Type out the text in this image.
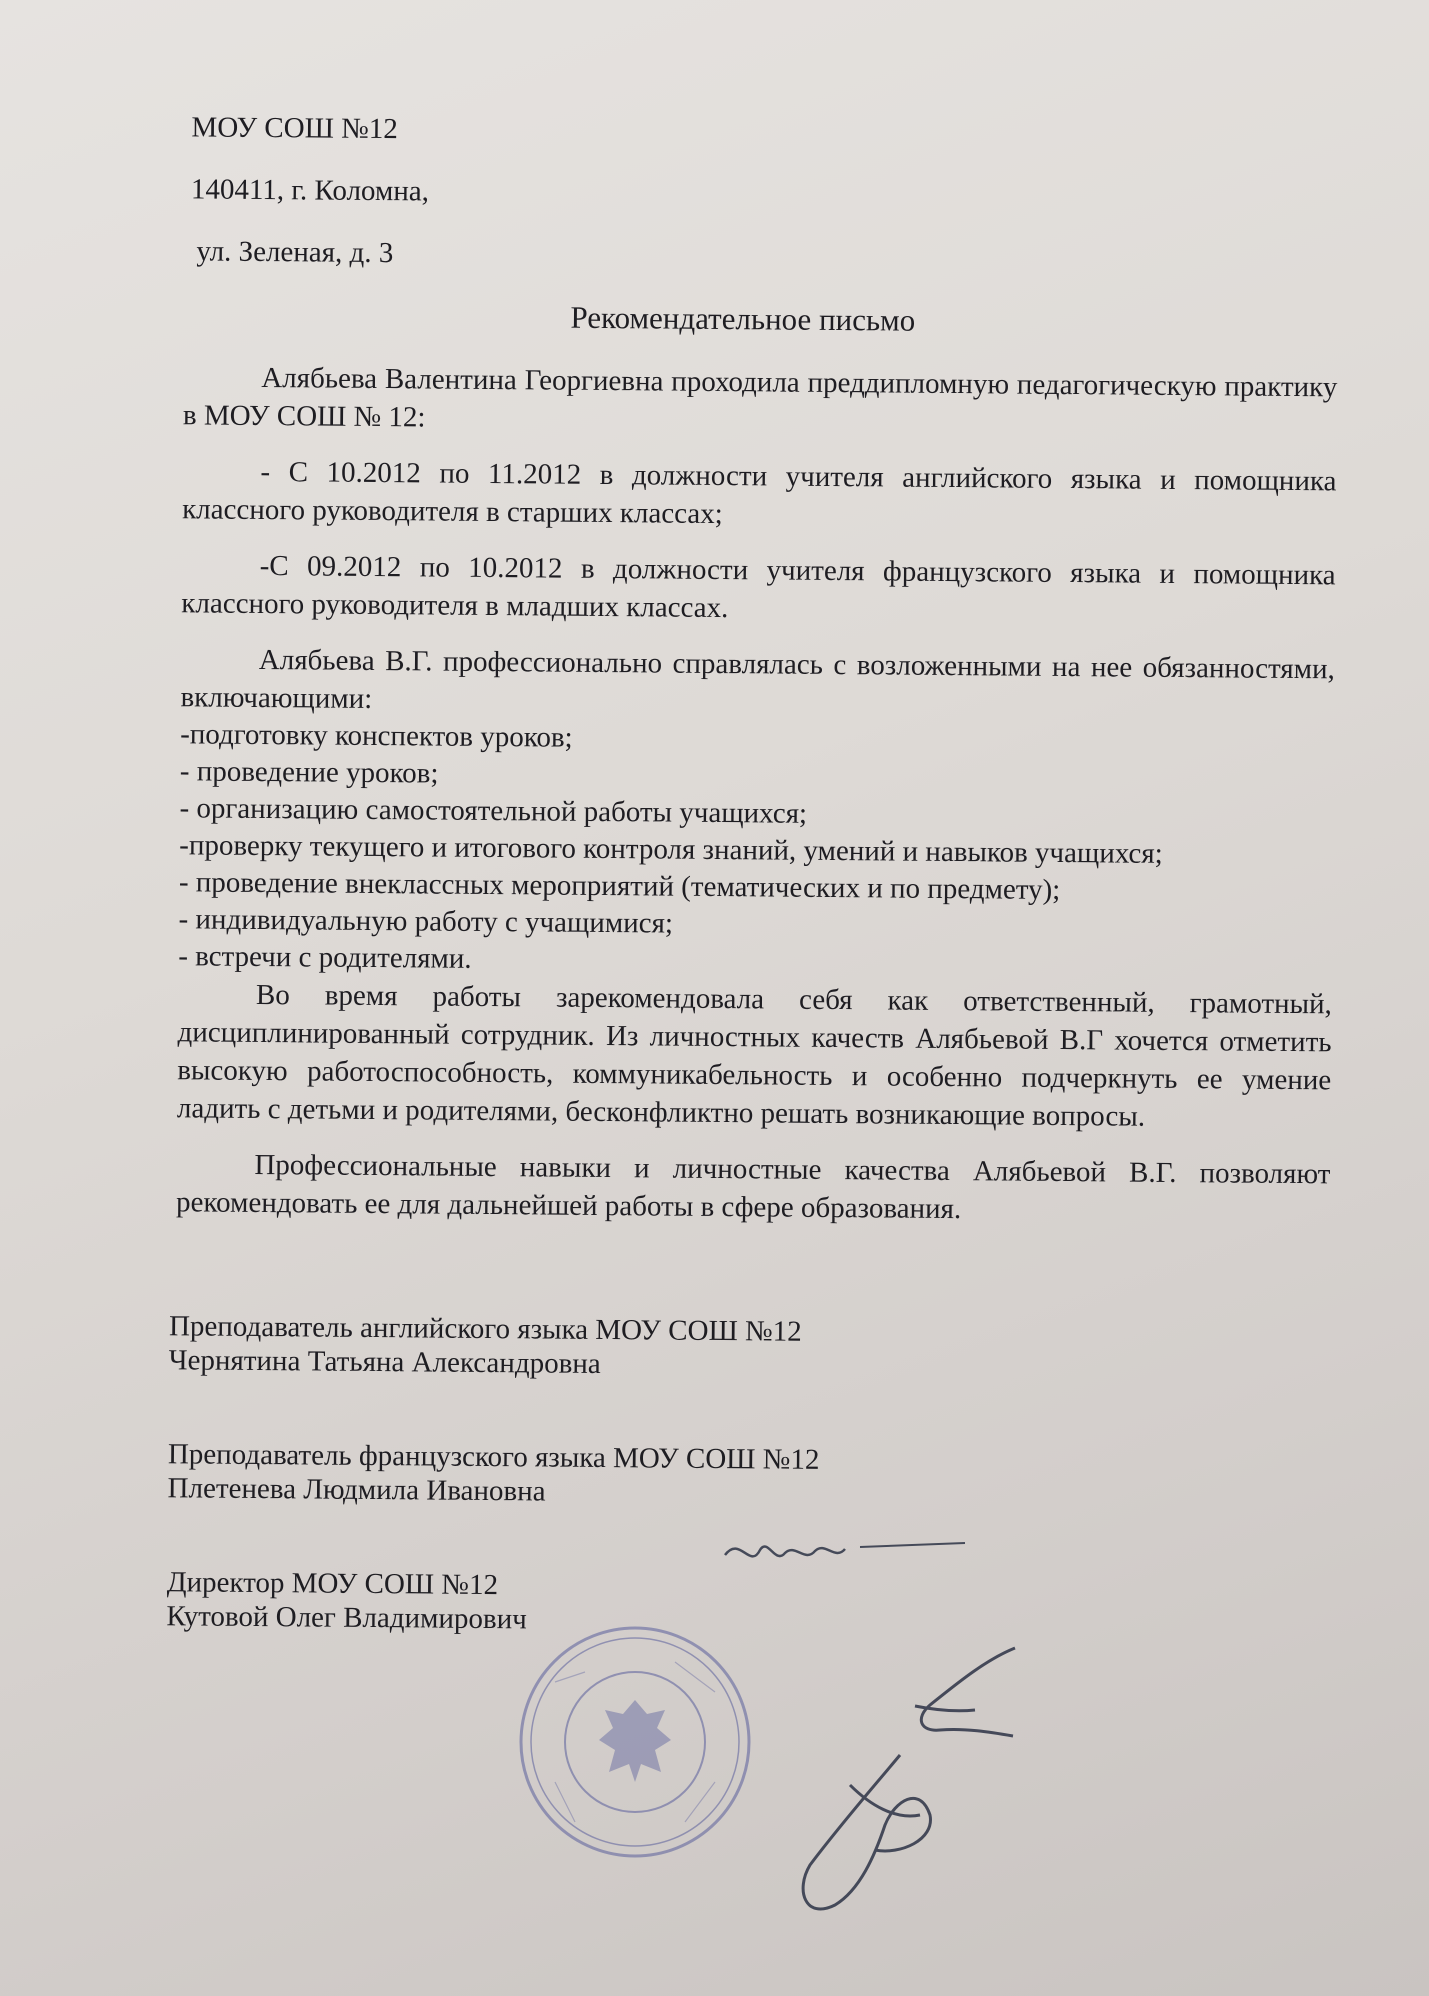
МОУ СОШ №12
140411, г. Коломна,
ул. Зеленая, д. 3
Рекомендательное письмо

Алябьева Валентина Георгиевна проходила преддипломную педагогическую практику в МОУ СОШ № 12:

- С 10.2012 по 11.2012 в должности учителя английского языка и помощника классного руководителя в старших классах;

-С 09.2012 по 10.2012 в должности учителя французского языка и помощника классного руководителя в младших классах.

Алябьева В.Г. профессионально справлялась с возложенными на нее обязанностями, включающими:

-подготовку конспектов уроков;
- проведение уроков;
- организацию самостоятельной работы учащихся;
-проверку текущего и итогового контроля знаний, умений и навыков учащихся;
- проведение внеклассных мероприятий (тематических и по предмету);
- индивидуальную работу с учащимися;
- встречи с родителями.

Во время работы зарекомендовала себя как ответственный, грамотный, дисциплинированный сотрудник. Из личностных качеств Алябьевой В.Г хочется отметить высокую работоспособность, коммуникабельность и особенно подчеркнуть ее умение ладить с детьми и родителями, бесконфликтно решать возникающие вопросы.

Профессиональные навыки и личностные качества Алябьевой В.Г. позволяют рекомендовать ее для дальнейшей работы в сфере образования.

Преподаватель английского языка МОУ СОШ №12
Чернятина Татьяна Александровна
Преподаватель французского языка МОУ СОШ №12
Плетенева Людмила Ивановна
Директор МОУ СОШ №12
Кутовой Олег Владимирович
